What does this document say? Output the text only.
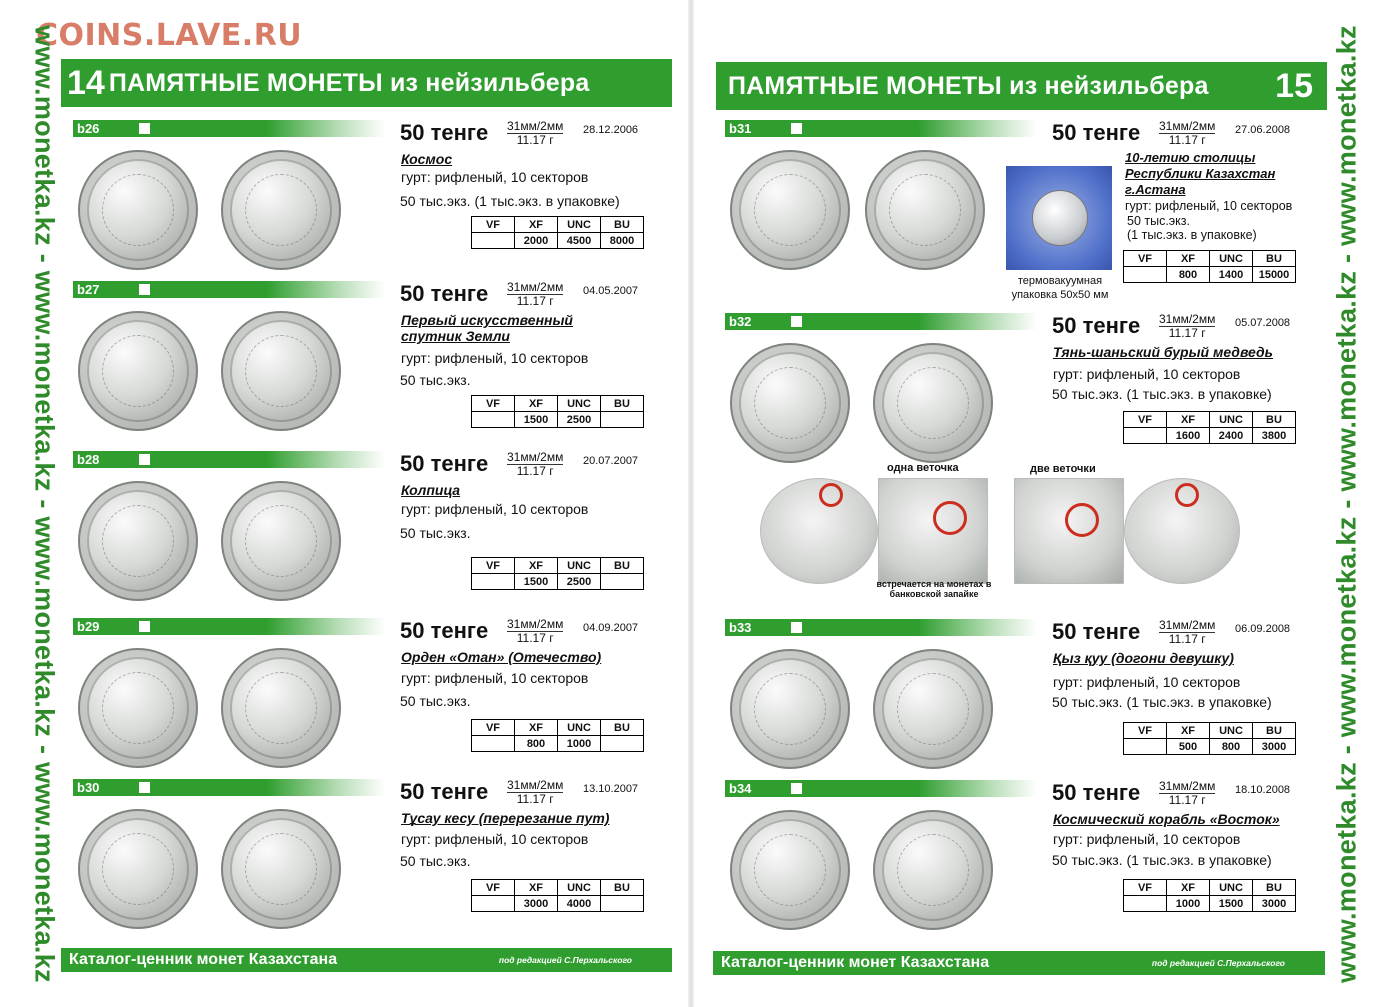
COINS.LAVE.RU
www.monetka.kz - www.monetka.kz - www.monetka.kz - www.monetka.kz	www.monetka.kz - www.monetka.kz - www.monetka.kz - www.monetka.kz
14 ПАМЯТНЫЕ МОНЕТЫ из нейзильбера	ПАМЯТНЫЕ МОНЕТЫ из нейзильбера 15
Каталог-ценник монет Казахстана	под редакцией С.Перхальского	Каталог-ценник монет Казахстана	под редакцией С.Перхальского
b26	50 тенге 31мм/2мм
11.17 г
28.12.2006
Космос
гурт: рифленый, 10 секторов
50 тыс.экз. (1 тыс.экз. в упаковке)
VF	XF	UNC	BU
	2000	4500	8000
b27	50 тенге 31мм/2мм
11.17 г
04.05.2007
Первый искусственный
спутник Земли
гурт: рифленый, 10 секторов
50 тыс.экз.
VF	XF	UNC	BU
	1500	2500	
b28	50 тенге 31мм/2мм
11.17 г
20.07.2007
Колпица
гурт: рифленый, 10 секторов
50 тыс.экз.
VF	XF	UNC	BU
	1500	2500	
b29	50 тенге 31мм/2мм
11.17 г
04.09.2007
Орден «Отан» (Отечество)
гурт: рифленый, 10 секторов
50 тыс.экз.
VF	XF	UNC	BU
	800	1000	
b30	50 тенге 31мм/2мм
11.17 г
13.10.2007
Тұсау кесу (перерезание пут)
гурт: рифленый, 10 секторов
50 тыс.экз.
VF	XF	UNC	BU
	3000	4000	
b31	50 тенге 31мм/2мм
11.17 г
27.06.2008
10-летию столицы
Республики Казахстан
г.Астана
гурт: рифленый, 10 секторов
50 тыс.экз.
(1 тыс.экз. в упаковке)
VF	XF	UNC	BU
	800	1400	15000
b32	50 тенге 31мм/2мм
11.17 г
05.07.2008
Тянь-шаньский бурый медведь
гурт: рифленый, 10 секторов
50 тыс.экз. (1 тыс.экз. в упаковке)
VF	XF	UNC	BU
	1600	2400	3800
b33	50 тенге 31мм/2мм
11.17 г
06.09.2008
Қыз қуу (догони девушку)
гурт: рифленый, 10 секторов
50 тыс.экз. (1 тыс.экз. в упаковке)
VF	XF	UNC	BU
	500	800	3000
b34	50 тенге 31мм/2мм
11.17 г
18.10.2008
Космический корабль «Восток»
гурт: рифленый, 10 секторов
50 тыс.экз. (1 тыс.экз. в упаковке)
VF	XF	UNC	BU
	1000	1500	3000
термовакуумная упаковка 50х50 мм
одна веточка	две веточки
встречается на монетах в банковской запайке
